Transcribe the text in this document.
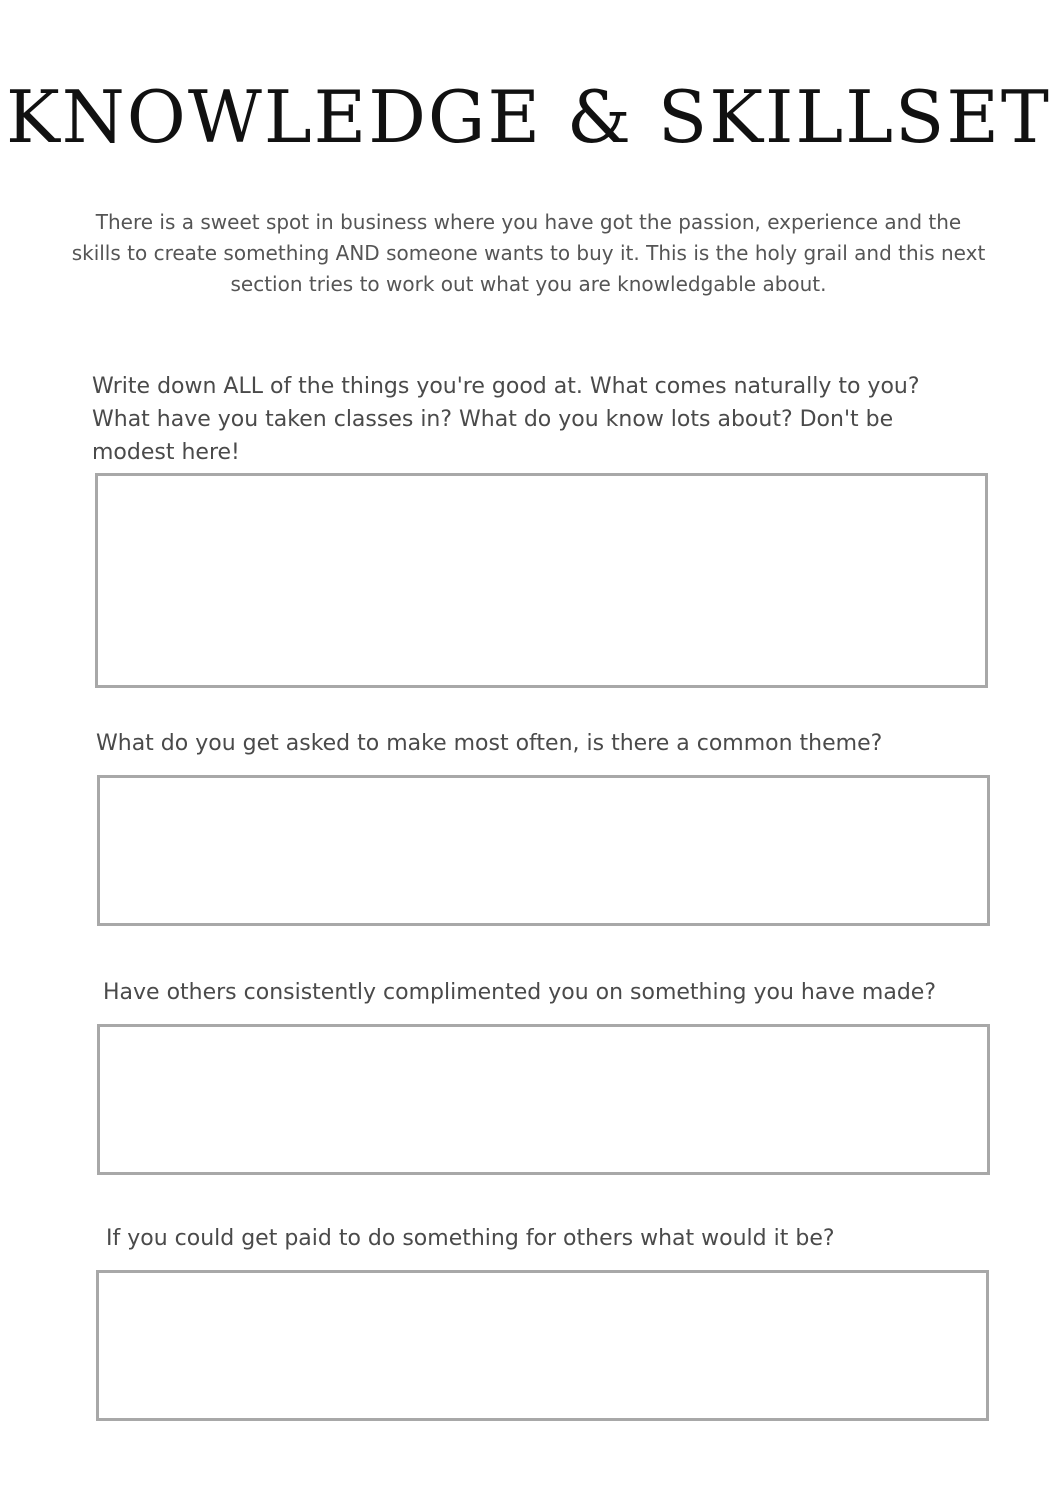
KNOWLEDGE & SKILLSET

There is a sweet spot in business where you have got the passion, experience and the skills to create something AND someone wants to buy it. This is the holy grail and this next section tries to work out what you are knowledgable about.

Write down ALL of the things you're good at. What comes naturally to you? What have you taken classes in? What do you know lots about? Don't be modest here!

What do you get asked to make most often, is there a common theme?

Have others consistently complimented you on something you have made?

If you could get paid to do something for others what would it be?
